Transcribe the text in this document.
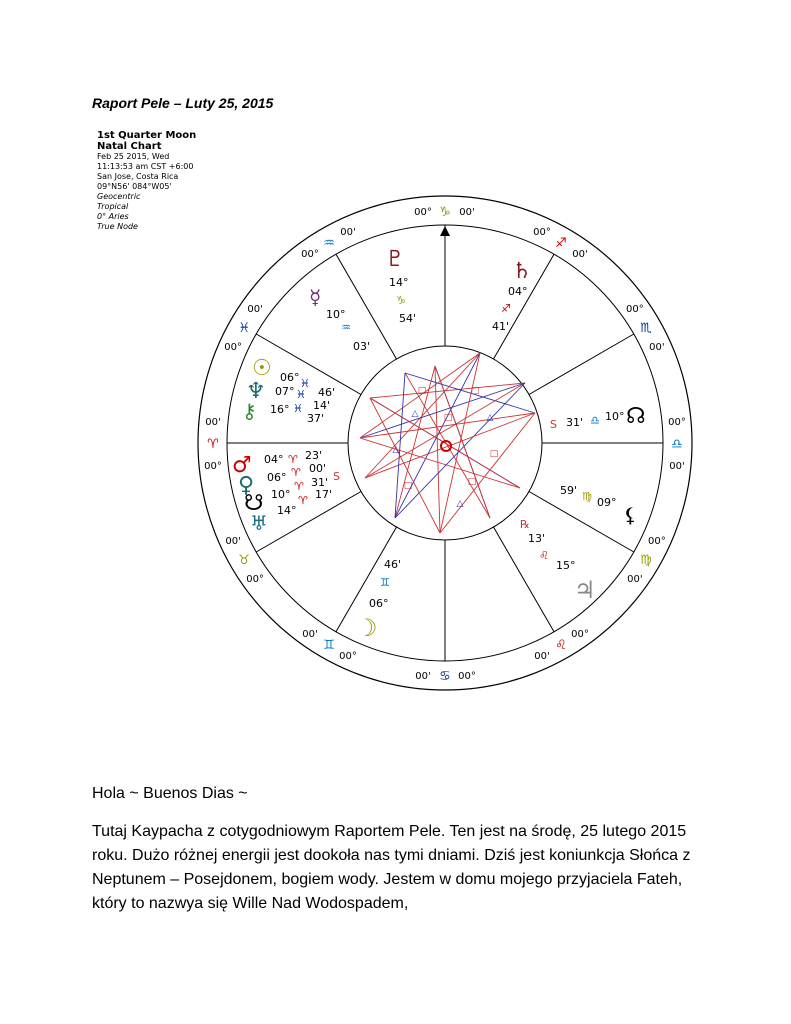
Raport Pele – Luty 25, 2015
1st Quarter Moon
Natal Chart
Feb 25 2015, Wed
11:13:53 am CST +6:00
San Jose, Costa Rica
09°N56' 084°W05'
Geocentric
Tropical
0° Aries
True Node
□	□
△	△
△
□	□
□
□
△
00° ♑ 00'
00°
♐
00'
00°
♏
00'
00°
♎
00'
00°
♍
00'
00°
♌
00'
00°
♋
00'
00°
♊
00'
00°
♉
00'
00°
♈
00'
00°
♓
00'
00°
♒
00'
♇
14°
♑
54'
♄
04°
♐
41'
☿
10°
♒
03'
S 31' ♎ 10° ☊
☉
♆
⚷
06°
07°
16°
♓
♓
♓
46'
14'
37'
♂
♀
☋
♅
04°
06°
10°
14°
♈
♈
♈
♈
23'
00'
31'
17'
S
59' ♍ 09°
⚸
℞
13'
♌
15°
♃
46'
♊
06°
☽

Hola ~ Buenos Dias ~

Tutaj Kaypacha z cotygodniowym Raportem Pele. Ten jest na środę, 25 lutego 2015 roku. Dużo różnej energii jest dookoła nas tymi dniami. Dziś jest koniunkcja Słońca z Neptunem – Posejdonem, bogiem wody. Jestem w domu mojego przyjaciela Fateh, który to nazwya się Wille Nad Wodospadem,
